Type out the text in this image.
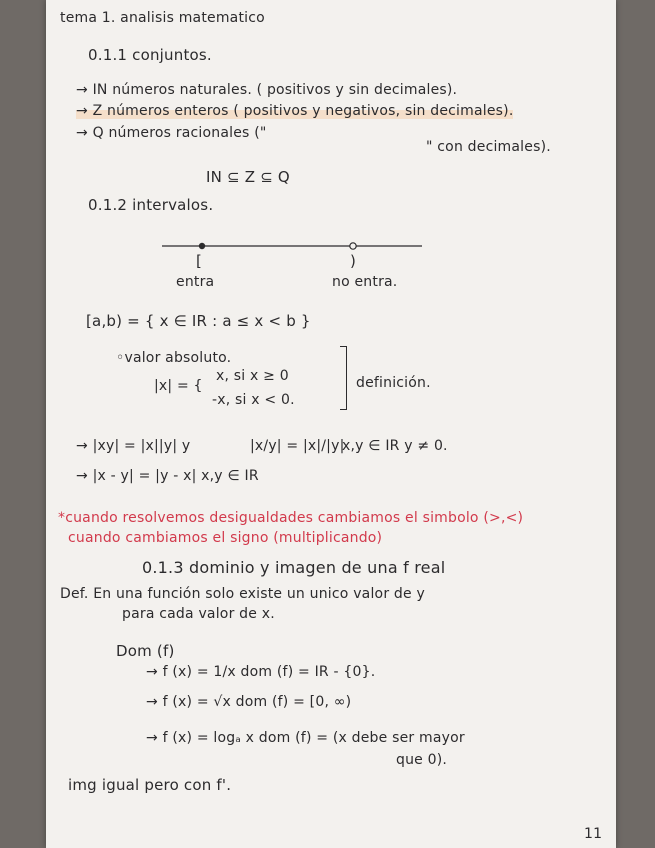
tema 1. analisis matematico
0.1.1 conjuntos.
→ IN números naturales. ( positivos y sin decimales).
→ Z números enteros ( positivos y negativos, sin decimales).
→ Q números racionales ("
" con decimales).
IN ⊆ Z ⊆ Q
0.1.2 intervalos.
[	)
entra	no entra.
[a,b) = { x ∈ IR : a ≤ x < b }
◦valor absoluto.
|x| = {
x, si x ≥ 0
-x, si x < 0.
definición.
→ |xy| = |x||y| y	|x/y| = |x|/|y|
x,y ∈ IR y ≠ 0.
→ |x - y| = |y - x| x,y ∈ IR
*cuando resolvemos desigualdades cambiamos el simbolo (>,<)
cuando cambiamos el signo (multiplicando)
0.1.3 dominio y imagen de una f real
Def. En una función solo existe un unico valor de y
para cada valor de x.
Dom (f)
→ f (x) = 1/x dom (f) = IR - {0}.
→ f (x) = √x dom (f) = [0, ∞)
→ f (x) = logₐ x dom (f) = (x debe ser mayor
que 0).
img igual pero con f'.
11
